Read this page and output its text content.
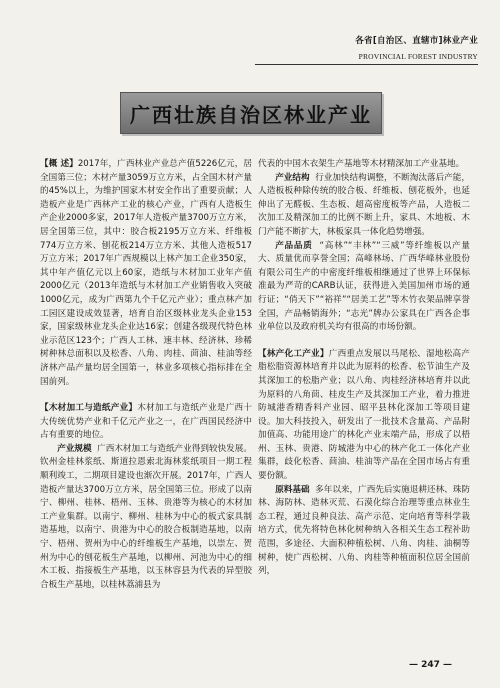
各省[自治区、直辖市]林业产业
PROVINCIAL FOREST INDUSTRY
广西壮族自治区林业产业

【概 述】2017年，广西林业产业总产值5226亿元，居全国第三位；木材产量3059万立方米，占全国木材产量的45%以上，为维护国家木材安全作出了重要贡献；人造板产业是广西林产工业的核心产业，广西有人造板生产企业2000多家，2017年人造板产量3700万立方米，居全国第三位，其中：胶合板2195万立方米、纤维板774万立方米、刨花板214万立方米、其他人造板517万立方米；2017年广西规模以上林产加工企业350家，其中年产值亿元以上60家，造纸与木材加工业年产值2000亿元（2013年造纸与木材加工产业销售收入突破1000亿元，成为广西第九个千亿元产业）；重点林产加工园区建设成效显著，培育自治区级林业龙头企业153家，国家级林业龙头企业达16家；创建各级现代特色林业示范区123个；广西人工林、速丰林、经济林、珍稀树种林总面积以及松香、八角、肉桂、茴油、桂油等经济林产品产量均居全国第一，林业多项核心指标排在全国前列。

【木材加工与造纸产业】木材加工与造纸产业是广西十大传统优势产业和千亿元产业之一，在广西国民经济中占有重要的地位。

产业规模 广西木材加工与造纸产业得到较快发展。钦州金桂林浆纸、斯道拉恩索北海林浆纸项目一期工程顺利竣工，二期项目建设也渐次开展。2017年，广西人造板产量达3700万立方米，居全国第三位。形成了以南宁、柳州、桂林、梧州、玉林、贵港等为核心的木材加工产业集群。以南宁、柳州、桂林为中心的板式家具制造基地，以南宁、贵港为中心的胶合板制造基地，以南宁、梧州、贺州为中心的纤维板生产基地，以崇左、贺州为中心的刨花板生产基地，以柳州、河池为中心的细木工板、指接板生产基地，以玉林容县为代表的异型胶合板生产基地，以桂林荔浦县为

代表的中国木衣架生产基地等木材精深加工产业基地。

产业结构 行业加快结构调整，不断淘汰落后产能，人造板板种除传统的胶合板、纤维板、刨花板外，也延伸出了无醛板、生态板、超高密度板等产品，人造板二次加工及精深加工的比例不断上升，家具、木地板、木门产能不断扩大，林板家具一体化趋势增强。

产品品质 “高林”“丰林”“三威”等纤维板以产量大、质量优而享誉全国；高峰林场、广西华峰林业股份有限公司生产的中密度纤维板相继通过了世界上环保标准最为严苛的CARB认证，获得进入美国加州市场的通行证；“俏天下”“裕祥”“居美工艺”等木竹衣架品牌享誉全国，产品畅销海外；“志光”牌办公家具在广西各企事业单位以及政府机关均有很高的市场份额。

【林产化工产业】广西重点发展以马尾松、湿地松高产脂松脂资源林培育并以此为原料的松香、松节油生产及其深加工的松脂产业；以八角、肉桂经济林培育并以此为原料的八角茴、桂皮生产及其深加工产业，着力推进防城港香精香料产业园、昭平县林化深加工等项目建设。加大科技投入，研发出了一批技术含量高、产品附加值高、功能用途广的林化产业末端产品，形成了以梧州、玉林、贵港、防城港为中心的林产化工一体化产业集群，歧化松香、茴油、桂油等产品在全国市场占有重要份额。

原料基础 多年以来，广西先后实施退耕还林、珠防林、海防林、造林灭荒、石漠化综合治理等重点林业生态工程，通过良种良法、高产示范、定向培育等科学栽培方式，优先将特色林化树种纳入各相关生态工程补助范围，多途径、大面积种植松树、八角、肉桂、油桐等树种，使广西松树、八角、肉桂等种植面积位居全国前列，

— 247 —
